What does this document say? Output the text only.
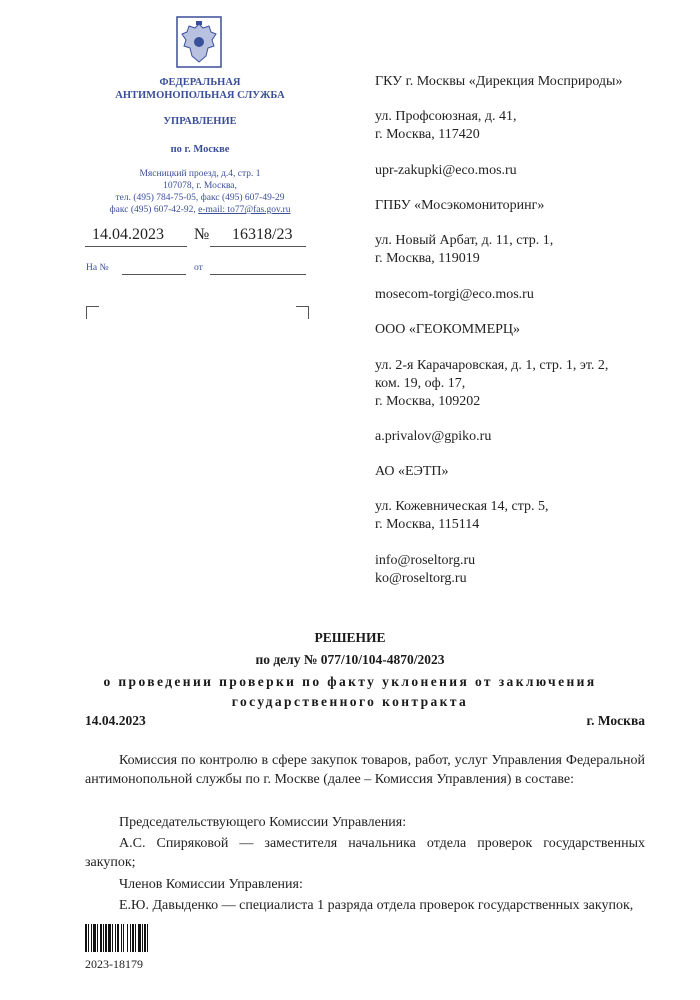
ФЕДЕРАЛЬНАЯ
АНТИМОНОПОЛЬНАЯ СЛУЖБА
УПРАВЛЕНИЕ
по г. Москве
Мясницкий проезд, д.4, стр. 1
107078, г. Москва,
тел. (495) 784-75-05, факс (495) 607-49-29
факс (495) 607-42-92, e-mail: to77@fas.gov.ru
14.04.2023 № 16318/23
На №	от
ГКУ г. Москвы «Дирекция Мосприроды»
ул. Профсоюзная, д. 41,
г. Москва, 117420
upr-zakupki@eco.mos.ru
ГПБУ «Мосэкомониторинг»
ул. Новый Арбат, д. 11, стр. 1,
г. Москва, 119019
mosecom-torgi@eco.mos.ru
ООО «ГЕОКОММЕРЦ»
ул. 2-я Карачаровская, д. 1, стр. 1, эт. 2,
ком. 19, оф. 17,
г. Москва, 109202
a.privalov@gpiko.ru
АО «ЕЭТП»
ул. Кожевническая 14, стр. 5,
г. Москва, 115114
info@roseltorg.ru
ko@roseltorg.ru
РЕШЕНИЕ
по делу № 077/10/104-4870/2023
о проведении проверки по факту уклонения от заключения
государственного контракта
14.04.2023	г. Москва
Комиссия по контролю в сфере закупок товаров, работ, услуг Управления Федеральной антимонопольной службы по г. Москве (далее – Комиссия Управления) в составе:
Председательствующего Комиссии Управления:
А.С. Спиряковой — заместителя начальника отдела проверок государственных закупок;
Членов Комиссии Управления:
Е.Ю. Давыденко — специалиста 1 разряда отдела проверок государственных закупок,
2023-18179
